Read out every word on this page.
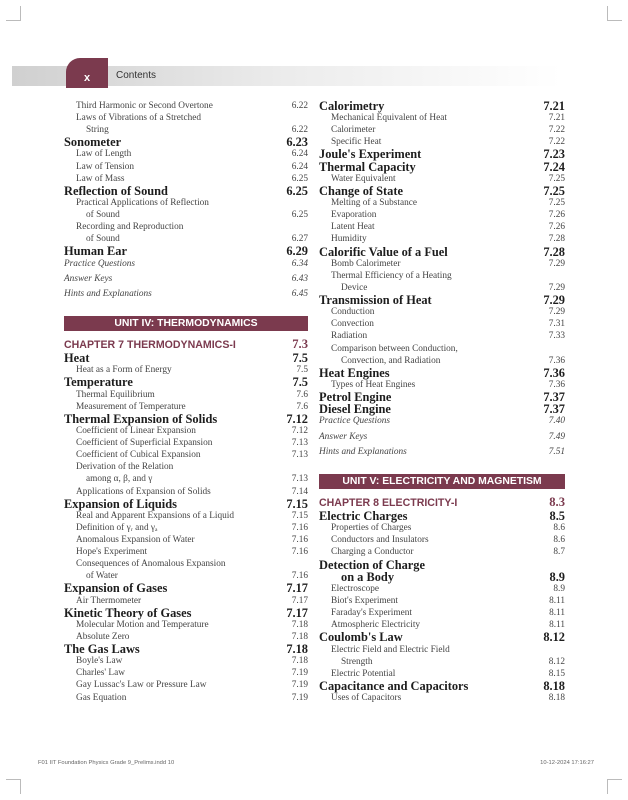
x	Contents
Third Harmonic or Second Overtone	6.22
Laws of Vibrations of a Stretched
String	6.22
Sonometer	6.23
Law of Length	6.24
Law of Tension	6.24
Law of Mass	6.25
Reflection of Sound	6.25
Practical Applications of Reflection
of Sound	6.25
Recording and Reproduction
of Sound	6.27
Human Ear	6.29
Practice Questions	6.34
Answer Keys	6.43
Hints and Explanations	6.45
UNIT IV: THERMODYNAMICS
CHAPTER 7 THERMODYNAMICS-I	7.3
Heat	7.5
Heat as a Form of Energy	7.5
Temperature	7.5
Thermal Equilibrium	7.6
Measurement of Temperature	7.6
Thermal Expansion of Solids	7.12
Coefficient of Linear Expansion	7.12
Coefficient of Superficial Expansion	7.13
Coefficient of Cubical Expansion	7.13
Derivation of the Relation
among α, β, and γ	7.13
Applications of Expansion of Solids	7.14
Expansion of Liquids	7.15
Real and Apparent Expansions of a Liquid	7.15
Definition of γᵣ and γₐ	7.16
Anomalous Expansion of Water	7.16
Hope's Experiment	7.16
Consequences of Anomalous Expansion
of Water	7.16
Expansion of Gases	7.17
Air Thermometer	7.17
Kinetic Theory of Gases	7.17
Molecular Motion and Temperature	7.18
Absolute Zero	7.18
The Gas Laws	7.18
Boyle's Law	7.18
Charles' Law	7.19
Gay Lussac's Law or Pressure Law	7.19
Gas Equation	7.19
Calorimetry	7.21
Mechanical Equivalent of Heat	7.21
Calorimeter	7.22
Specific Heat	7.22
Joule's Experiment	7.23
Thermal Capacity	7.24
Water Equivalent	7.25
Change of State	7.25
Melting of a Substance	7.25
Evaporation	7.26
Latent Heat	7.26
Humidity	7.28
Calorific Value of a Fuel	7.28
Bomb Calorimeter	7.29
Thermal Efficiency of a Heating
Device	7.29
Transmission of Heat	7.29
Conduction	7.29
Convection	7.31
Radiation	7.33
Comparison between Conduction,
Convection, and Radiation	7.36
Heat Engines	7.36
Types of Heat Engines	7.36
Petrol Engine	7.37
Diesel Engine	7.37
Practice Questions	7.40
Answer Keys	7.49
Hints and Explanations	7.51
UNIT V: ELECTRICITY AND MAGNETISM
CHAPTER 8 ELECTRICITY-I	8.3
Electric Charges	8.5
Properties of Charges	8.6
Conductors and Insulators	8.6
Charging a Conductor	8.7
Detection of Charge
on a Body	8.9
Electroscope	8.9
Biot's Experiment	8.11
Faraday's Experiment	8.11
Atmospheric Electricity	8.11
Coulomb's Law	8.12
Electric Field and Electric Field
Strength	8.12
Electric Potential	8.15
Capacitance and Capacitors	8.18
Uses of Capacitors	8.18
F01 IIT Foundation Physics Grade 9_Prelims.indd 10	10-12-2024 17:16:27
